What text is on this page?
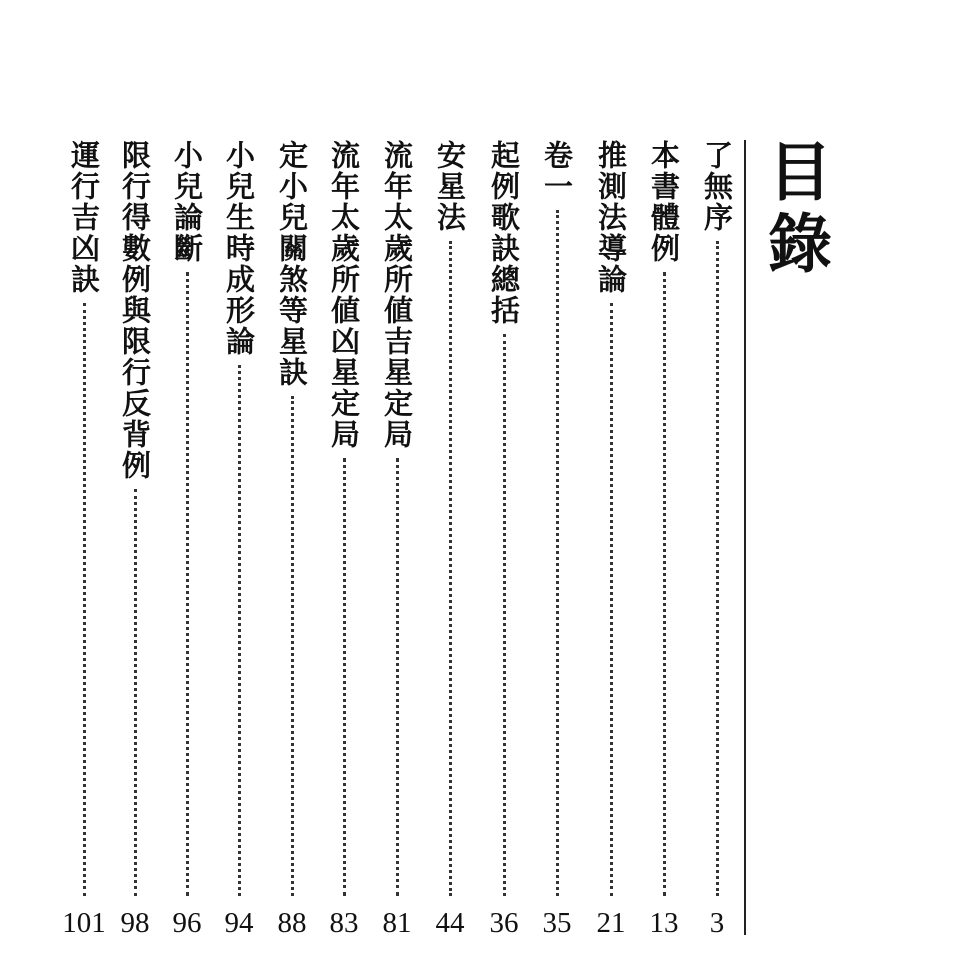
目錄
了無序
3
本書體例
13
推測法導論
21
卷一
35
起例歌訣總括
36
安星法
44
流年太歲所値吉星定局
81
流年太歲所値凶星定局
83
定小兒關煞等星訣
88
小兒生時成形論
94
小兒論斷
96
限行得數例與限行反背例
98
運行吉凶訣
101
